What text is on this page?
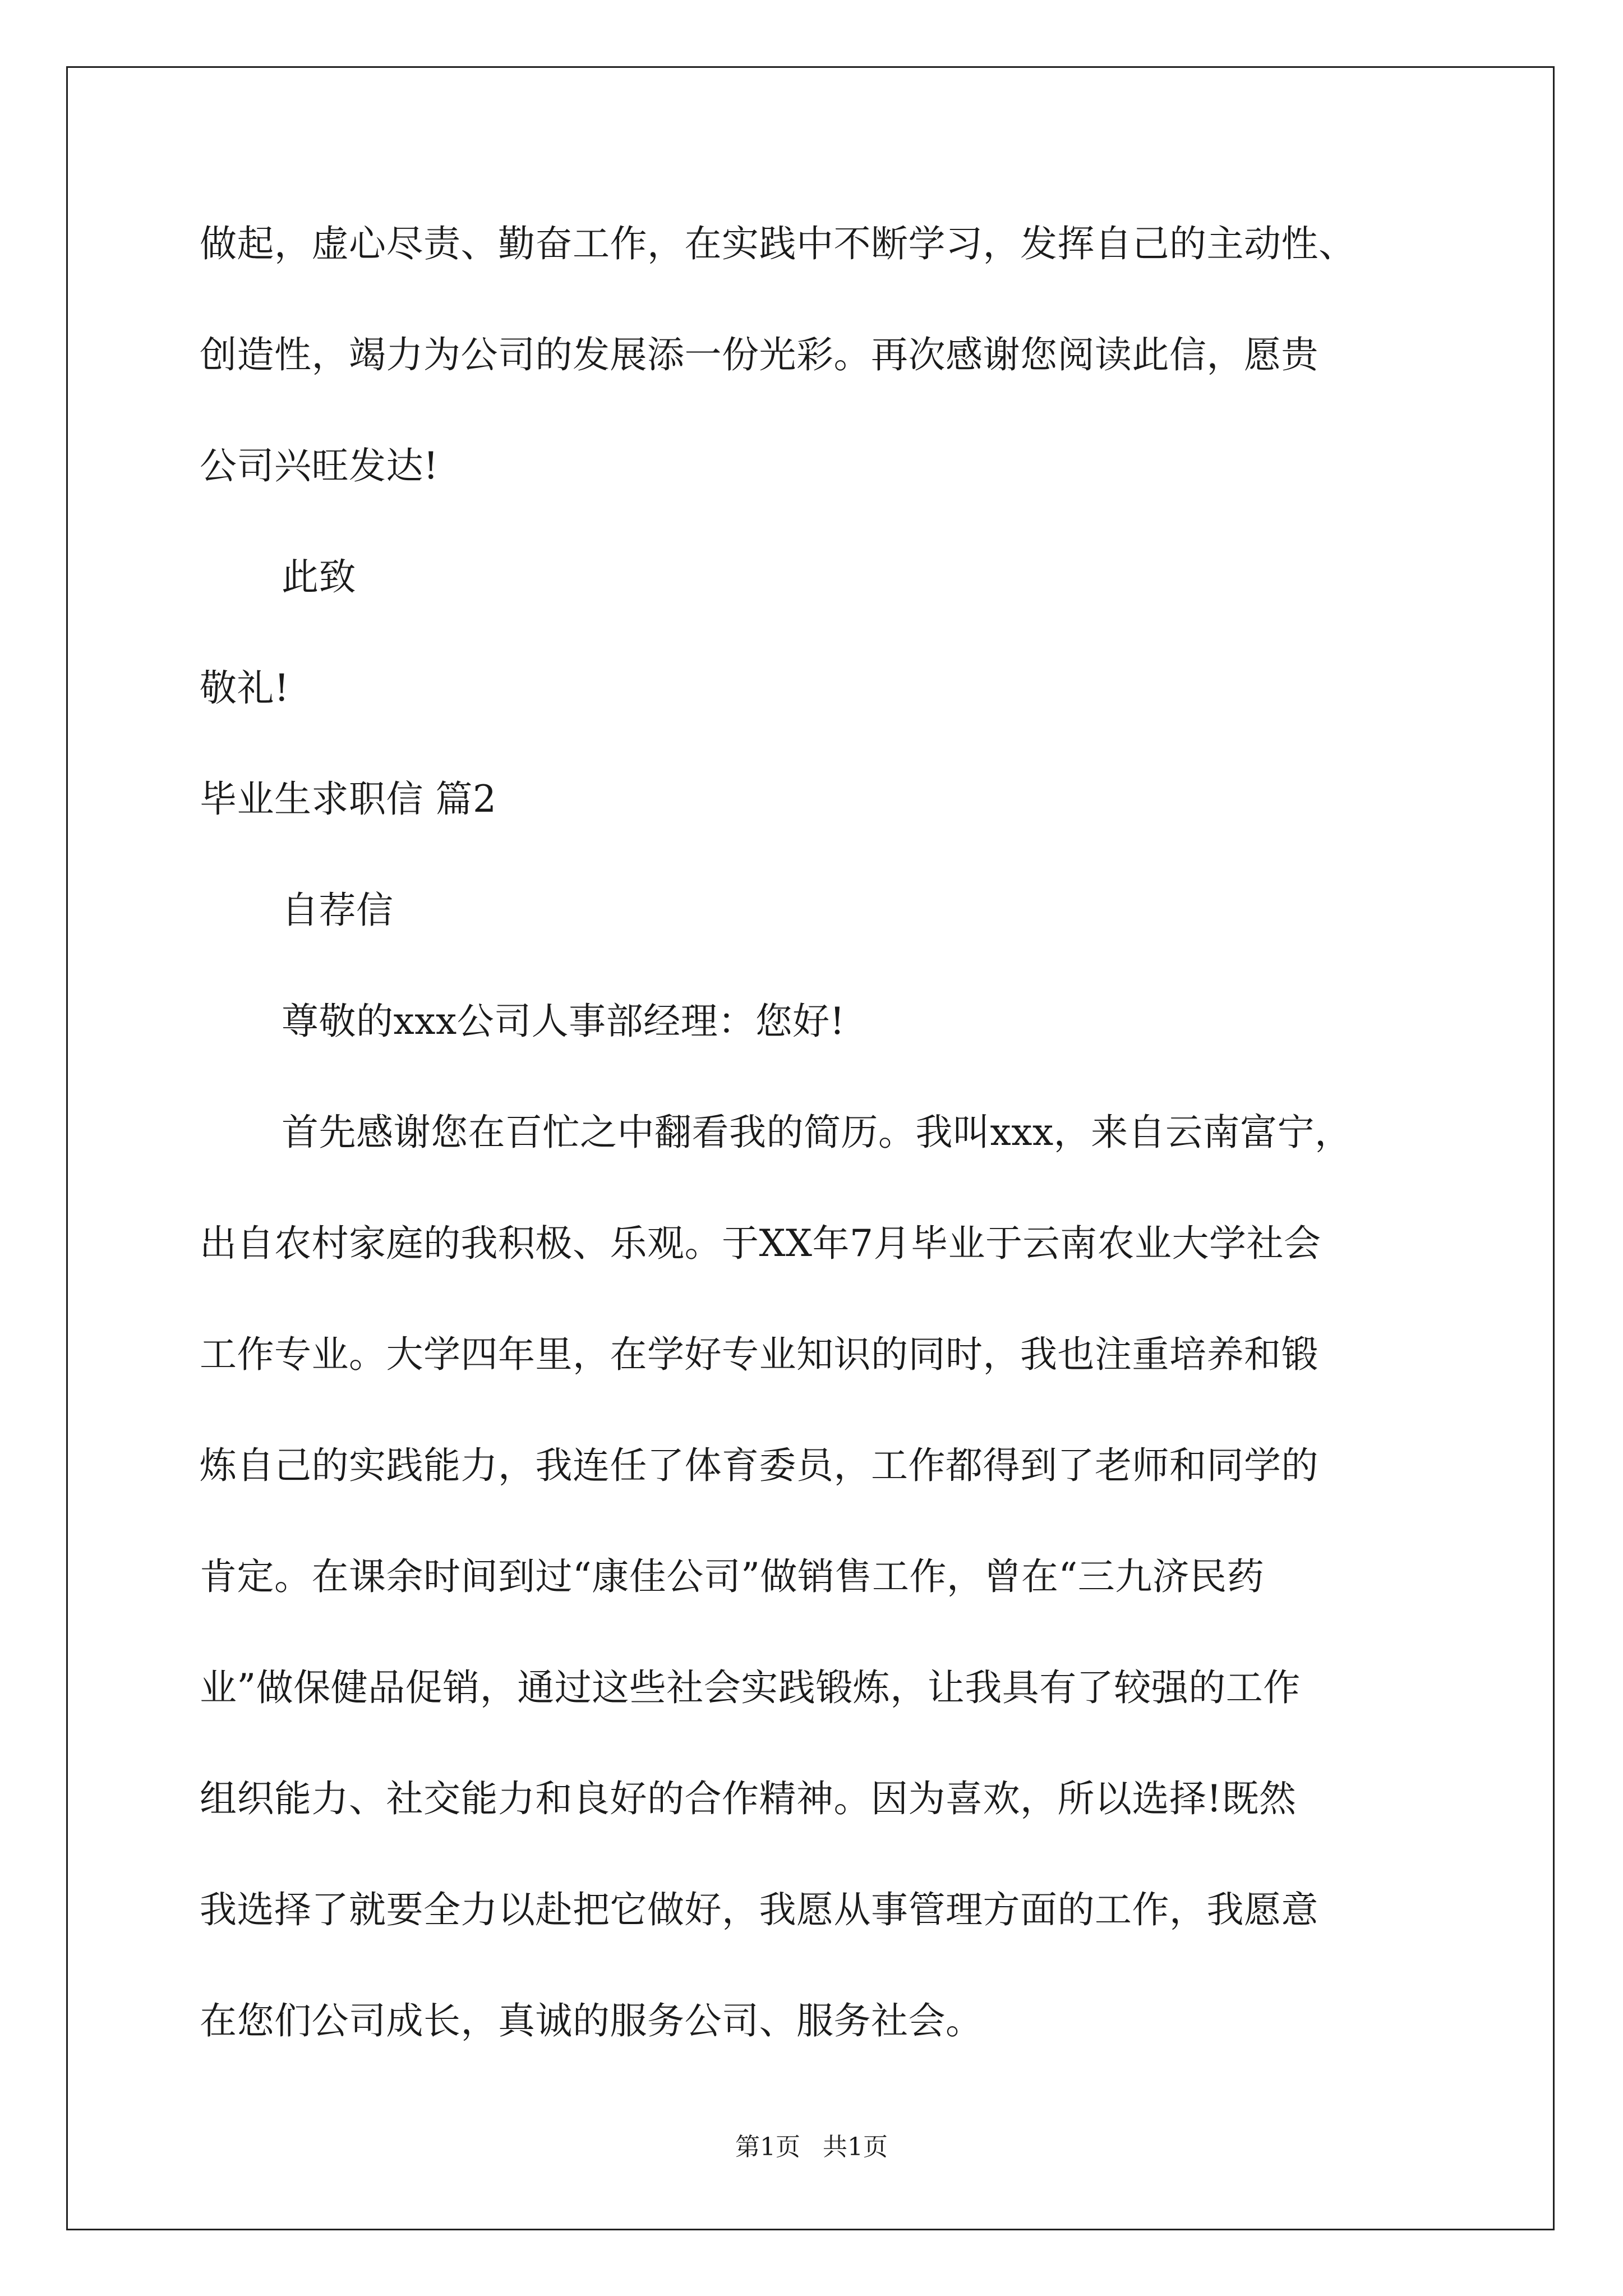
做起，虚心尽责、勤奋工作，在实践中不断学习，发挥自己的主动性、
创造性，竭力为公司的发展添一份光彩。再次感谢您阅读此信，愿贵
公司兴旺发达!
此致
敬礼!
毕业生求职信 篇2
自荐信
尊敬的xxx公司人事部经理：您好!
首先感谢您在百忙之中翻看我的简历。我叫xxx，来自云南富宁，
出自农村家庭的我积极、乐观。于XX年7月毕业于云南农业大学社会
工作专业。大学四年里，在学好专业知识的同时，我也注重培养和锻
炼自己的实践能力，我连任了体育委员，工作都得到了老师和同学的
肯定。在课余时间到过“康佳公司”做销售工作，曾在“三九济民药
业”做保健品促销，通过这些社会实践锻炼，让我具有了较强的工作
组织能力、社交能力和良好的合作精神。因为喜欢，所以选择!既然
我选择了就要全力以赴把它做好，我愿从事管理方面的工作，我愿意
在您们公司成长，真诚的服务公司、服务社会。
第1页 共1页
